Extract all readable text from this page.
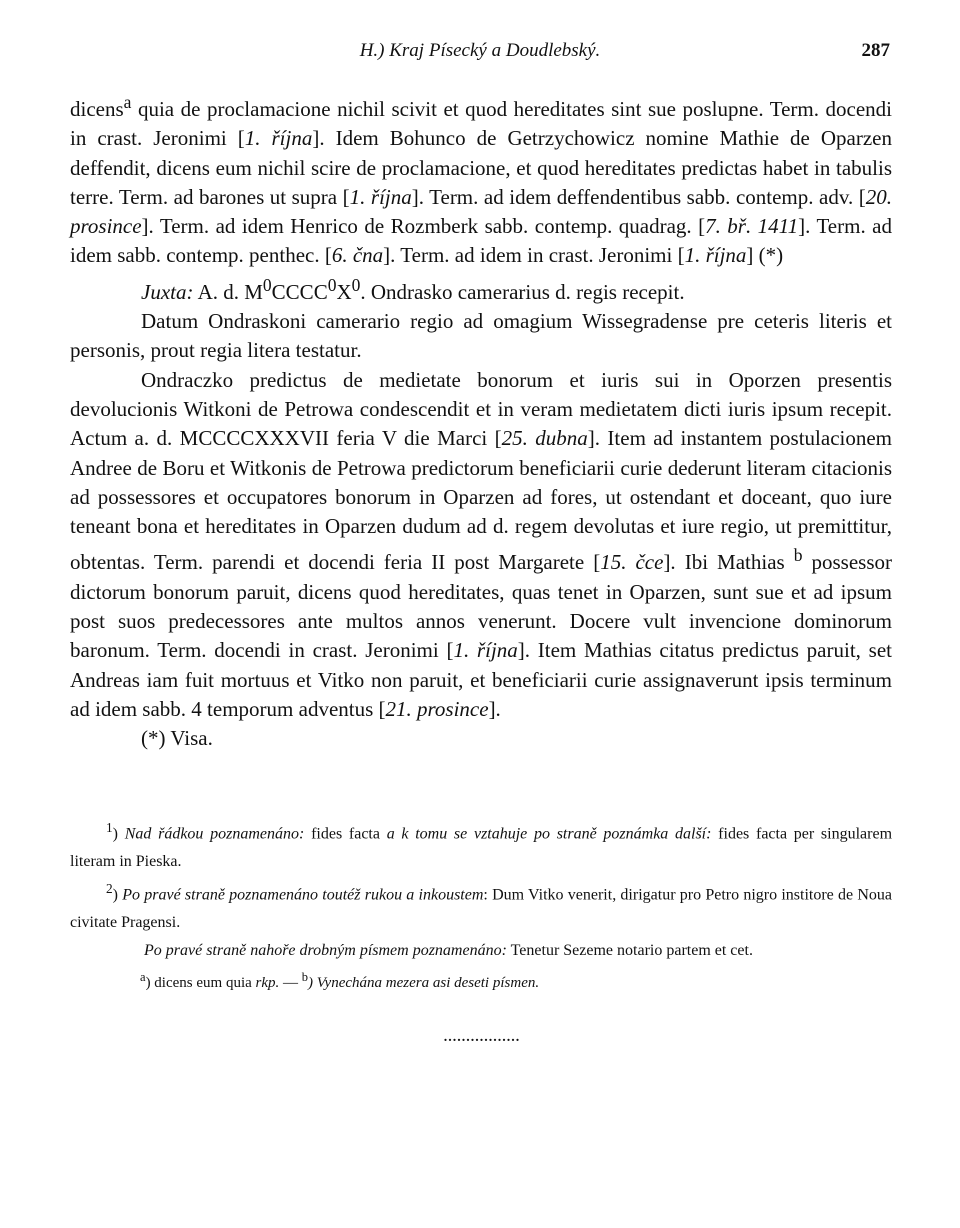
H.) Kraj Písecký a Doudlebský.	287

dicens$^a$ quia de proclamacione nichil scivit et quod hereditates sint sue poslupne. Term. docendi in crast. Jeronimi [1. října]. Idem Bohunco de Getrzychowicz nomine Mathie de Oparzen deffendit, dicens eum nichil scire de proclamacione, et quod hereditates predictas habet in tabulis terre. Term. ad barones ut supra [1. října]. Term. ad idem deffendentibus sabb. contemp. adv. [20. prosince]. Term. ad idem Henrico de Rozmberk sabb. contemp. quadrag. [7. bř. 1411]. Term. ad idem sabb. contemp. penthec. [6. čna]. Term. ad idem in crast. Jeronimi [1. října] (*)

Juxta: A. d. $M^0CCCC^0X^0$. Ondrasko camerarius d. regis recepit.

Datum Ondraskoni camerario regio ad omagium Wissegradense pre ceteris literis et personis, prout regia litera testatur.

Ondraczko predictus de medietate bonorum et iuris sui in Oporzen presentis devolucionis Witkoni de Petrowa condescendit et in veram medietatem dicti iuris ipsum recepit. Actum a. d. MCCCCXXXVII feria V die Marci [25. dubna]. Item ad instantem postulacionem Andree de Boru et Witkonis de Petrowa predictorum beneficiarii curie dederunt literam citacionis ad possessores et occupatores bonorum in Oparzen ad fores, ut ostendant et doceant, quo iure teneant bona et hereditates in Oparzen dudum ad d. regem devolutas et iure regio, ut premittitur, obtentas. Term. parendi et docendi feria II post Margarete [15. čce]. Ibi Mathias $^b$ possessor dictorum bonorum paruit, dicens quod hereditates, quas tenet in Oparzen, sunt sue et ad ipsum post suos predecessores ante multos annos venerunt. Docere vult invencione dominorum baronum. Term. docendi in crast. Jeronimi [1. října]. Item Mathias citatus predictus paruit, set Andreas iam fuit mortuus et Vitko non paruit, et beneficiarii curie assignaverunt ipsis terminum ad idem sabb. 4 temporum adventus [21. prosince].

(*) Visa.

$^1$) Nad řádkou poznamenáno: fides facta a k tomu se vztahuje po straně poznámka další: fides facta per singularem literam in Pieska.

$^2$) Po pravé straně poznamenáno toutéž rukou a inkoustem: Dum Vitko venerit, dirigatur pro Petro nigro institore de Noua civitate Pragensi.

Po pravé straně nahoře drobným písmem poznamenáno: Tenetur Sezeme notario partem et cet.

$^a$) dicens eum quia rkp. — $^b$) Vynechána mezera asi deseti písmen.

.................
